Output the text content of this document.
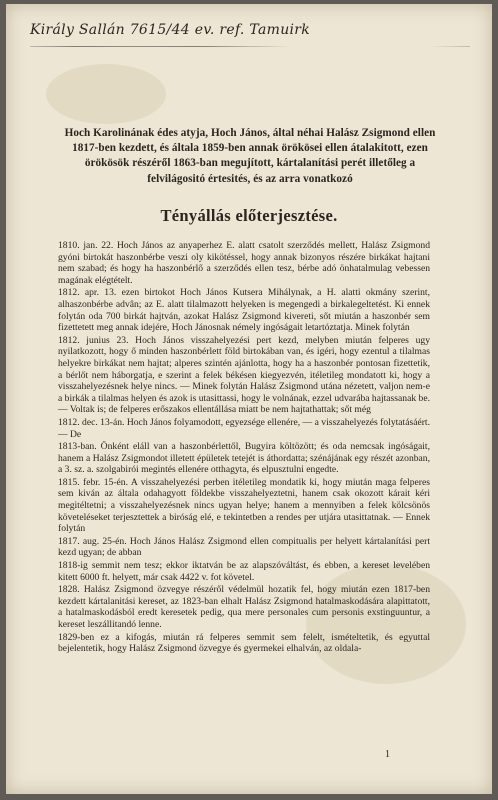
Király Sallán 7615/44 ev. ref. Tamuirk
Hoch Karolinának édes atyja, Hoch János, által néhai Halász Zsigmond ellen 1817-ben kezdett, és általa 1859-ben annak örökösei ellen átalakitott, ezen örökösök részéről 1863-ban megujított, kártalanítási perét illetőleg a felvilágositó értesités, és az arra vonatkozó
Tényállás előterjesztése.

1810. jan. 22. Hoch János az anyaperhez E. alatt csatolt szerződés mellett, Halász Zsigmond gyóni birtokát haszonbérbe veszi oly kikötéssel, hogy annak bizonyos részére birkákat hajtani nem szabad; és hogy ha haszonbérlő a szerződés ellen tesz, bérbe adó önhatalmulag vebessen magának elégtételt.

1812. apr. 13. ezen birtokot Hoch János Kutsera Mihálynak, a H. alatti okmány szerint, alhaszonbérbe advân; az E. alatt tilalmazott helyeken is megengedi a birkalegeltetést. Ki ennek folytán oda 700 birkát hajtván, azokat Halász Zsigmond kivereti, sőt miután a haszonbér sem fizettetett meg annak idejére, Hoch Jánosnak némely ingóságait letartóztatja. Minek folytán

1812. junius 23. Hoch János visszahelyezési pert kezd, melyben miután felperes ugy nyilatkozott, hogy ő minden haszonbérlett föld birtokában van, és igéri, hogy ezentul a tilalmas helyekre birkákat nem hajtat; alperes szintén ajánlotta, hogy ha a haszonbér pontosan fizettetik, a bérlőt nem háborgatja, e szerint a felek békésen kiegyezvén, itéletileg mondatott ki, hogy a visszahelyezésnek helye nincs. — Minek folytán Halász Zsigmond utána nézetett, valjon nem-e a birkák a tilalmas helyen és azok is utasittassi, hogy le volnának, ezzel udvarába hajtassanak be. — Voltak is; de felperes erőszakos ellentállása miatt be nem hajtathattak; sőt még

1812. dec. 13-án. Hoch János folyamodott, egyezsége ellenére, — a visszahelyezés folytatásáért. — De

1813-ban. Önként eláll van a haszonbérlettől, Bugyira költözött; és oda nemcsak ingóságait, hanem a Halász Zsigmondot illetett épületek tetejét is áthordatta; szénájának egy részét azonban, a 3. sz. a. szolgabirói megintés ellenére otthagyta, és elpusztulni engedte.

1815. febr. 15-én. A visszahelyezési perben itéletileg mondatik ki, hogy miután maga felperes sem kiván az általa odahagyott földekbe visszahelyeztetni, hanem csak okozott kárait kéri megitéltetni; a visszahelyezésnek nincs ugyan helye; hanem a mennyiben a felek kölcsönös követeléseket terjesztettek a biróság elé, e tekintetben a rendes per utjára utasittatnak. — Ennek folytán

1817. aug. 25-én. Hoch János Halász Zsigmond ellen compitualis per helyett kártalanítási pert kezd ugyan; de abban

1818-ig semmit nem tesz; ekkor iktatván be az alapszóváltást, és ebben, a kereset levelében kitett 6000 ft. helyett, már csak 4422 v. fot követel.

1828. Halász Zsigmond özvegye részéről védelmül hozatik fel, hogy miután ezen 1817-ben kezdett kártalanitási kereset, az 1823-ban elhalt Halász Zsigmond hatalmaskodására alapittatott, a hatalmaskodásból eredt keresetek pedig, qua mere personales cum personis exstinguuntur, a kereset leszállitandó lenne.

1829-ben ez a kifogás, miután rá felperes semmit sem felelt, ismételtetik, és egyuttal bejelentetik, hogy Halász Zsigmond özvegye és gyermekei elhalván, az oldala-

1
